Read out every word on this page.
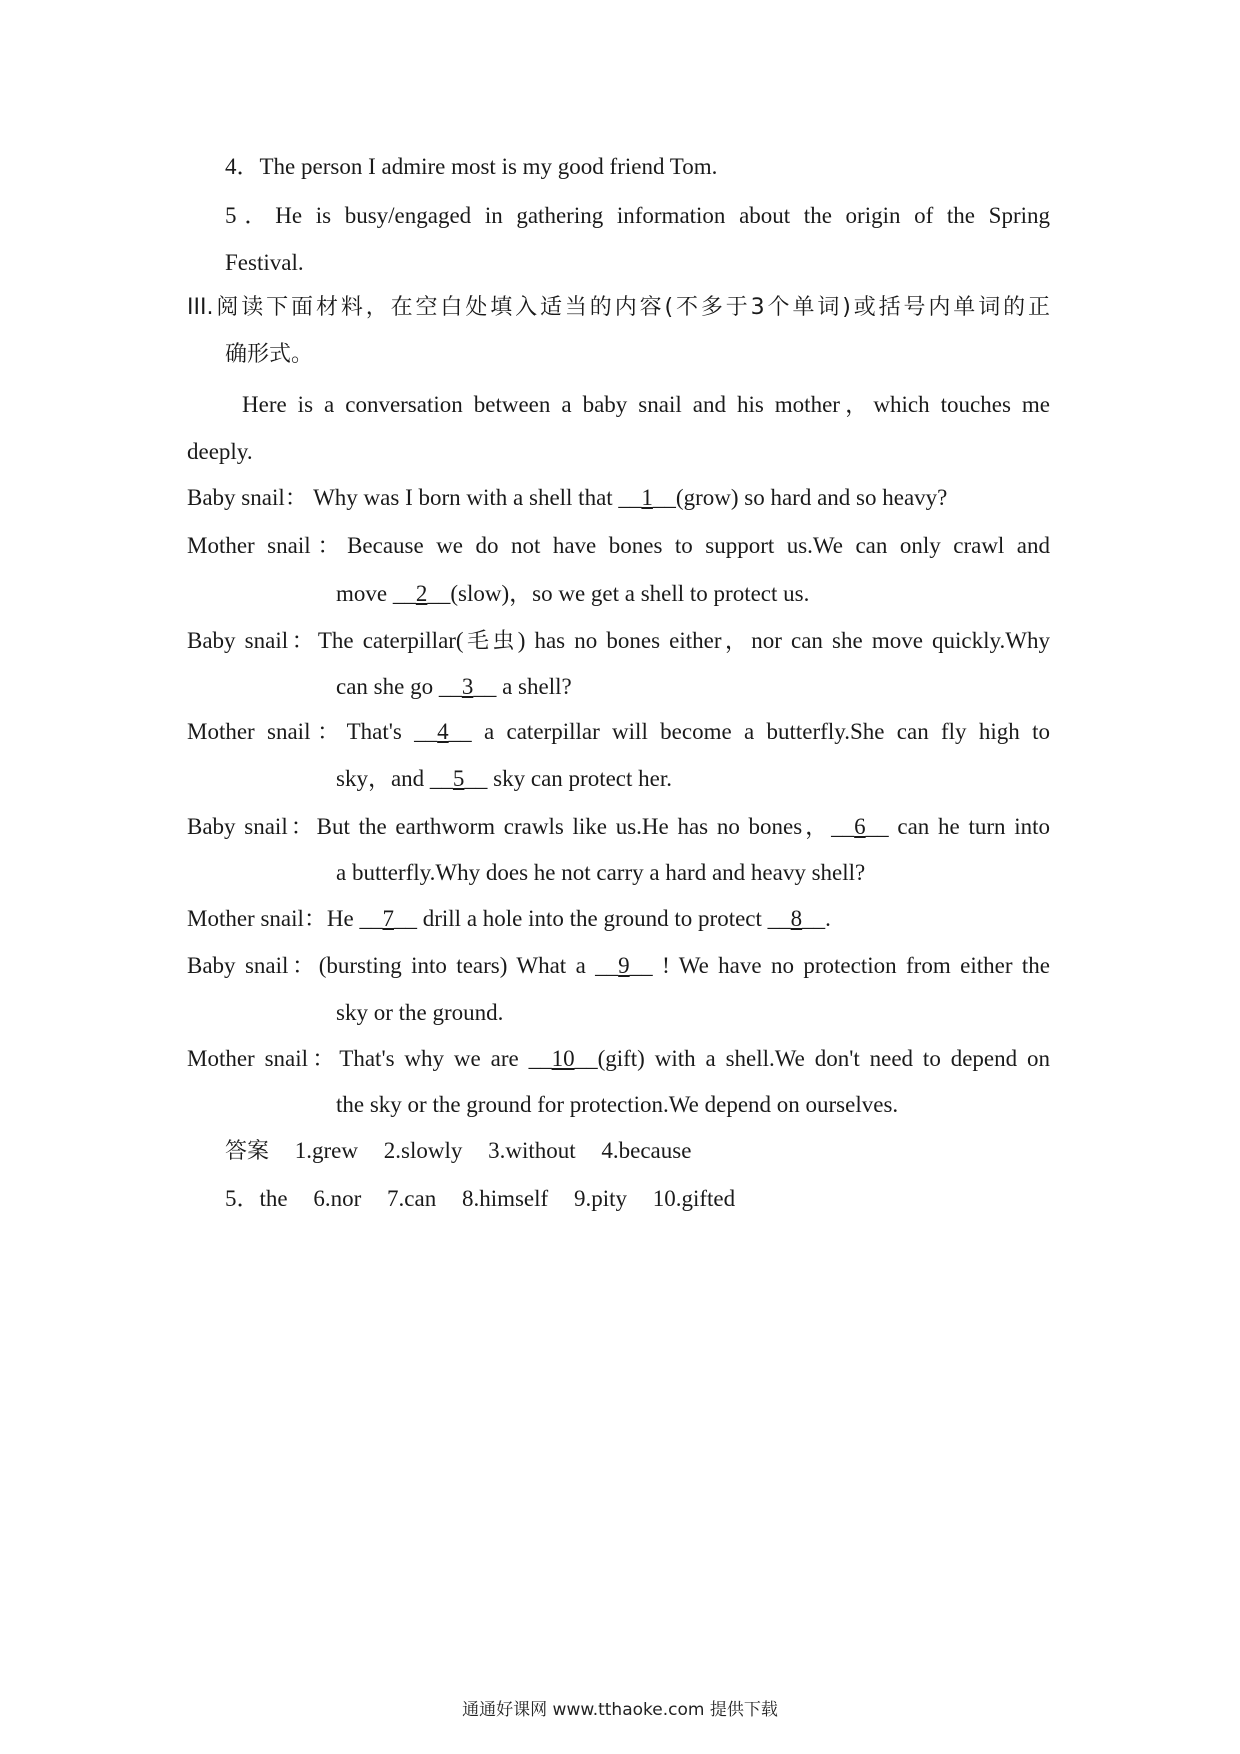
4．The person I admire most is my good friend Tom.
5．He is busy/engaged in gathering information about the origin of the Spring
Festival.
III.阅读下面材料，在空白处填入适当的内容(不多于3个单词)或括号内单词的正
确形式。
Here is a conversation between a baby snail and his mother，which touches me
deeply.
Baby snail： Why was I born with a shell that __1__(grow) so hard and so heavy?
Mother snail：Because we do not have bones to support us.We can only crawl and
move __2__(slow)，so we get a shell to protect us.
Baby snail：The caterpillar(毛虫) has no bones either，nor can she move quickly.Why
can she go __3__ a shell?
Mother snail：That's __4__ a caterpillar will become a butterfly.She can fly high to
sky，and __5__ sky can protect her.
Baby snail：But the earthworm crawls like us.He has no bones，__6__ can he turn into
a butterfly.Why does he not carry a hard and heavy shell?
Mother snail：He __7__ drill a hole into the ground to protect __8__.
Baby snail：(bursting into tears) What a __9__ ! We have no protection from either the
sky or the ground.
Mother snail：That's why we are __10__(gift) with a shell.We don't need to depend on
the sky or the ground for protection.We depend on ourselves.
答案 1.grew 2.slowly 3.without 4.because
5．the 6.nor 7.can 8.himself 9.pity 10.gifted
通通好课网 www.tthaoke.com 提供下载
